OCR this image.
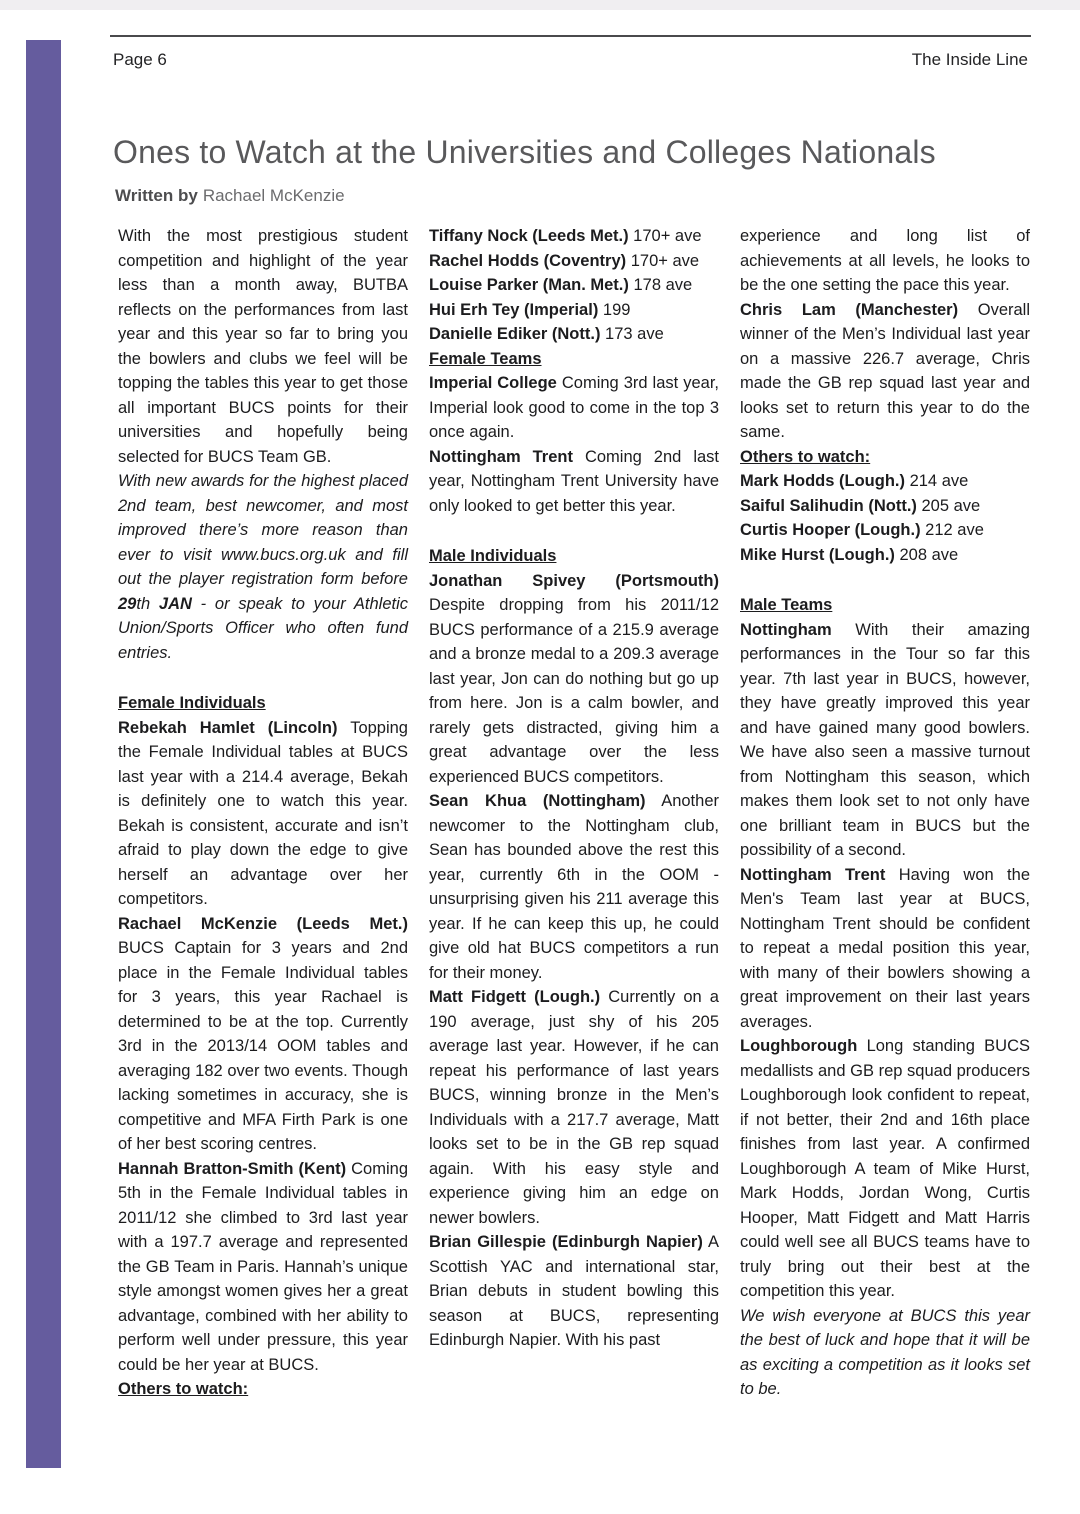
Page 6	The Inside Line
Ones to Watch at the Universities and Colleges Nationals

Written by Rachael McKenzie

With the most prestigious student competition and highlight of the year less than a month away, BUTBA reflects on the performances from last year and this year so far to bring you the bowlers and clubs we feel will be topping the tables this year to get those all important BUCS points for their universities and hopefully being selected for BUCS Team GB.

With new awards for the highest placed 2nd team, best newcomer, and most improved there’s more reason than ever to visit www.bucs.org.uk and fill out the player registration form before 29th JAN - or speak to your Athletic Union/Sports Officer who often fund entries.

Female Individuals

Rebekah Hamlet (Lincoln) Topping the Female Individual tables at BUCS last year with a 214.4 average, Bekah is definitely one to watch this year. Bekah is consistent, accurate and isn’t afraid to play down the edge to give herself an advantage over her competitors.

Rachael McKenzie (Leeds Met.) BUCS Captain for 3 years and 2nd place in the Female Individual tables for 3 years, this year Rachael is determined to be at the top. Currently 3rd in the 2013/14 OOM tables and averaging 182 over two events. Though lacking sometimes in accuracy, she is competitive and MFA Firth Park is one of her best scoring centres.

Hannah Bratton-Smith (Kent) Coming 5th in the Female Individual tables in 2011/12 she climbed to 3rd last year with a 197.7 average and represented the GB Team in Paris. Hannah’s unique style amongst women gives her a great advantage, combined with her ability to perform well under pressure, this year could be her year at BUCS.

Others to watch:

Tiffany Nock (Leeds Met.) 170+ ave
Rachel Hodds (Coventry) 170+ ave
Louise Parker (Man. Met.) 178 ave
Hui Erh Tey (Imperial) 199
Danielle Ediker (Nott.) 173 ave

Female Teams

Imperial College Coming 3rd last year, Imperial look good to come in the top 3 once again.

Nottingham Trent Coming 2nd last year, Nottingham Trent University have only looked to get better this year.

Male Individuals

Jonathan Spivey (Portsmouth) Despite dropping from his 2011/12 BUCS performance of a 215.9 average and a bronze medal to a 209.3 average last year, Jon can do nothing but go up from here. Jon is a calm bowler, and rarely gets distracted, giving him a great advantage over the less experienced BUCS competitors.

Sean Khua (Nottingham) Another newcomer to the Nottingham club, Sean has bounded above the rest this year, currently 6th in the OOM - unsurprising given his 211 average this year. If he can keep this up, he could give old hat BUCS competitors a run for their money.

Matt Fidgett (Lough.) Currently on a 190 average, just shy of his 205 average last year. However, if he can repeat his performance of last years BUCS, winning bronze in the Men’s Individuals with a 217.7 average, Matt looks set to be in the GB rep squad again. With his easy style and experience giving him an edge on newer bowlers.

Brian Gillespie (Edinburgh Napier) A Scottish YAC and international star, Brian debuts in student bowling this season at BUCS, representing Edinburgh Napier. With his past

experience and long list of achievements at all levels, he looks to be the one setting the pace this year.

Chris Lam (Manchester) Overall winner of the Men’s Individual last year on a massive 226.7 average, Chris made the GB rep squad last year and looks set to return this year to do the same.

Others to watch:

Mark Hodds (Lough.) 214 ave
Saiful Salihudin (Nott.) 205 ave
Curtis Hooper (Lough.) 212 ave
Mike Hurst (Lough.) 208 ave

Male Teams

Nottingham With their amazing performances in the Tour so far this year. 7th last year in BUCS, however, they have greatly improved this year and have gained many good bowlers. We have also seen a massive turnout from Nottingham this season, which makes them look set to not only have one brilliant team in BUCS but the possibility of a second.

Nottingham Trent Having won the Men's Team last year at BUCS, Nottingham Trent should be confident to repeat a medal position this year, with many of their bowlers showing a great improvement on their last years averages.

Loughborough Long standing BUCS medallists and GB rep squad producers Loughborough look confident to repeat, if not better, their 2nd and 16th place finishes from last year. A confirmed Loughborough A team of Mike Hurst, Mark Hodds, Jordan Wong, Curtis Hooper, Matt Fidgett and Matt Harris could well see all BUCS teams have to truly bring out their best at the competition this year.

We wish everyone at BUCS this year the best of luck and hope that it will be as exciting a competition as it looks set to be.
